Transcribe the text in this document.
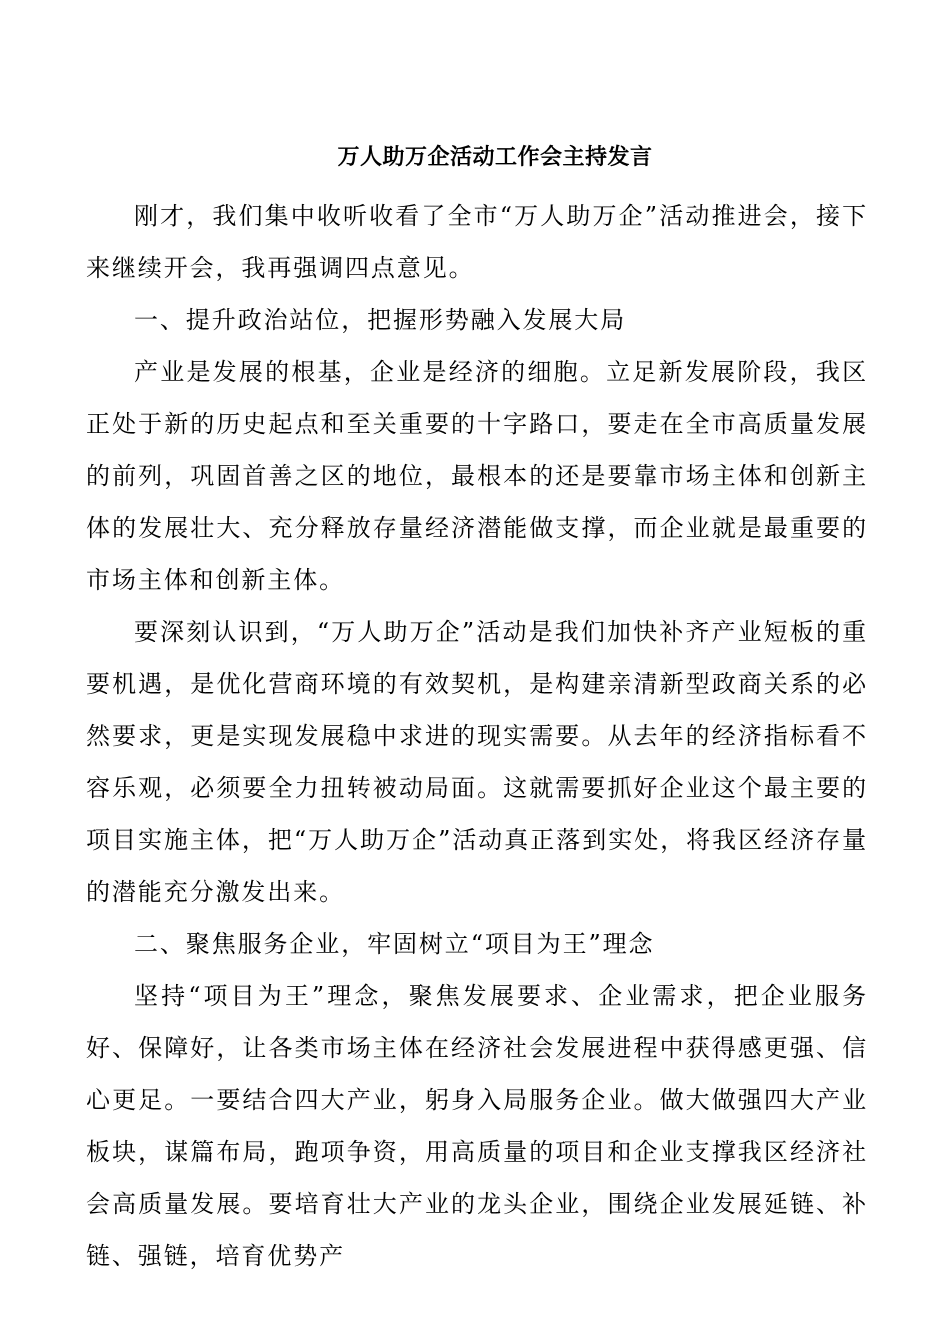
万人助万企活动工作会主持发言

刚才，我们集中收听收看了全市“万人助万企”活动推进会，接下来继续开会，我再强调四点意见。

一、提升政治站位，把握形势融入发展大局

产业是发展的根基，企业是经济的细胞。立足新发展阶段，我区正处于新的历史起点和至关重要的十字路口，要走在全市高质量发展的前列，巩固首善之区的地位，最根本的还是要靠市场主体和创新主体的发展壮大、充分释放存量经济潜能做支撑，而企业就是最重要的市场主体和创新主体。

要深刻认识到，“万人助万企”活动是我们加快补齐产业短板的重要机遇，是优化营商环境的有效契机，是构建亲清新型政商关系的必然要求，更是实现发展稳中求进的现实需要。从去年的经济指标看不容乐观，必须要全力扭转被动局面。这就需要抓好企业这个最主要的项目实施主体，把“万人助万企”活动真正落到实处，将我区经济存量的潜能充分激发出来。

二、聚焦服务企业，牢固树立“项目为王”理念

坚持“项目为王”理念，聚焦发展要求、企业需求，把企业服务好、保障好，让各类市场主体在经济社会发展进程中获得感更强、信心更足。一要结合四大产业，躬身入局服务企业。做大做强四大产业板块，谋篇布局，跑项争资，用高质量的项目和企业支撑我区经济社会高质量发展。要培育壮大产业的龙头企业，围绕企业发展延链、补链、强链，培育优势产
